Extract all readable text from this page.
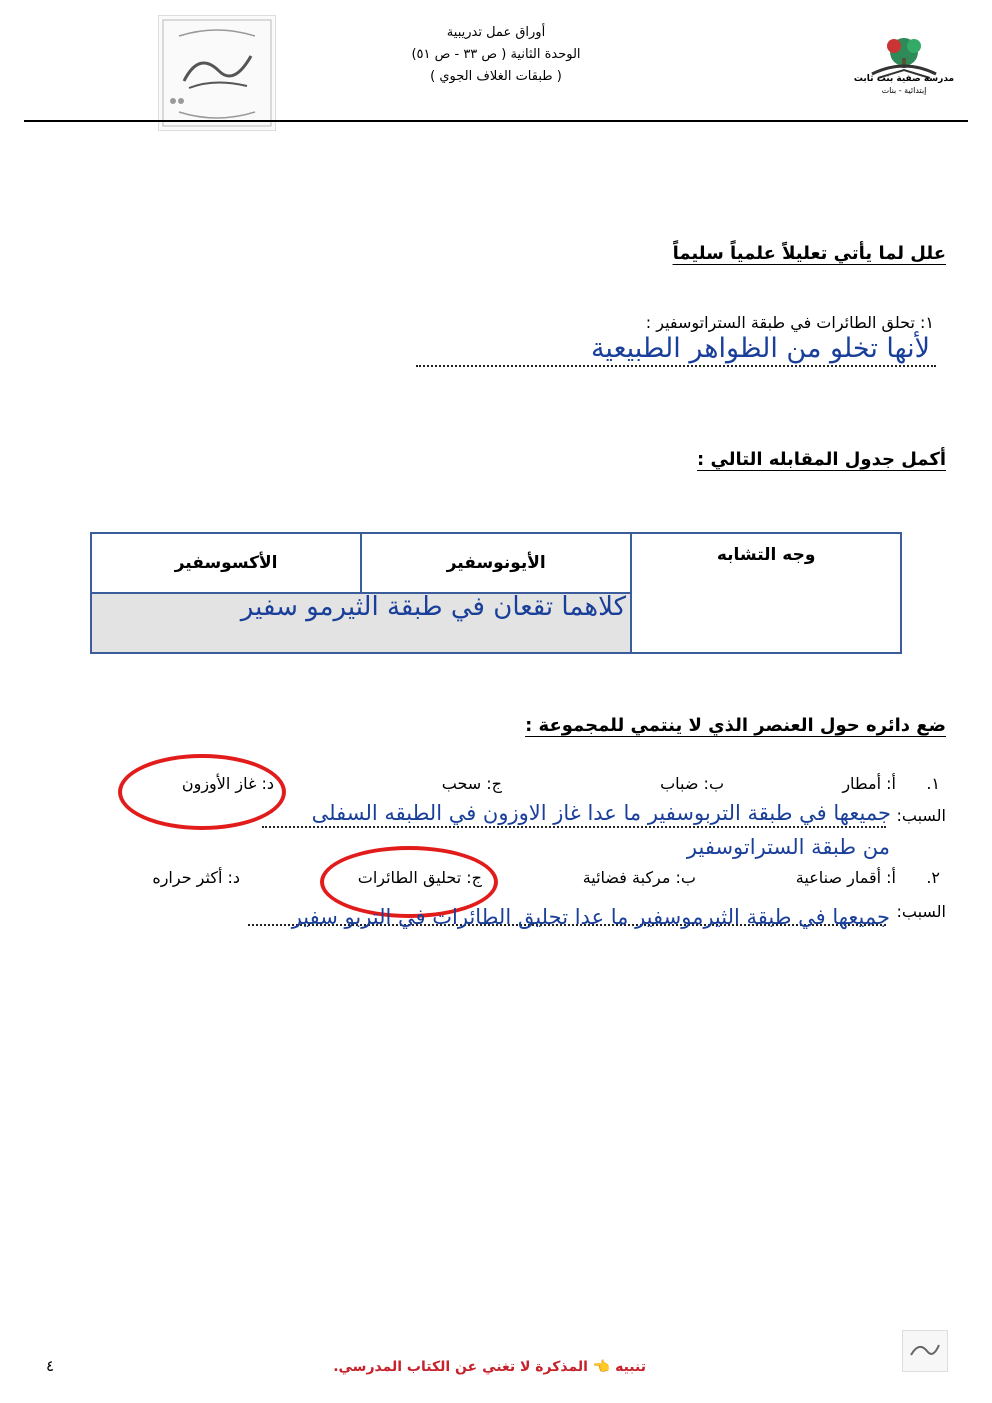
مدرسة صفية بنت ثابت
إبتدائية - بنات
أوراق عمل تدريبية
الوحدة الثانية ( ص ٣٣ - ص ٥١)
( طبقات الغلاف الجوي )
علل لما يأتي تعليلاً علمياً سليماً
١: تحلق الطائرات في طبقة الستراتوسفير :
لأنها تخلو من الظواهر الطبيعية
أكمل جدول المقابله التالي :
الأكسوسفير	الأيونوسفير	وجه التشابه

كلاهما تقعان في طبقة الثيرمو سفير
ضع دائره حول العنصر الذي لا ينتمي للمجموعة :
١.
أ: أمطار
ب: ضباب
ج: سحب
د: غاز الأوزون
السبب:
جميعها في طبقة التربوسفير ما عدا غاز الاوزون في الطبقه السفلى
من طبقة الستراتوسفير
٢.
أ: أقمار صناعية
ب: مركبة فضائية
ج: تحليق الطائرات
د: أكثر حراره
السبب:
جميعها في طبقة الثيرموسفير ما عدا تحليق الطائرات في التربو سفير
تنبيه 👈 المذكرة لا تغني عن الكتاب المدرسي.
٤
